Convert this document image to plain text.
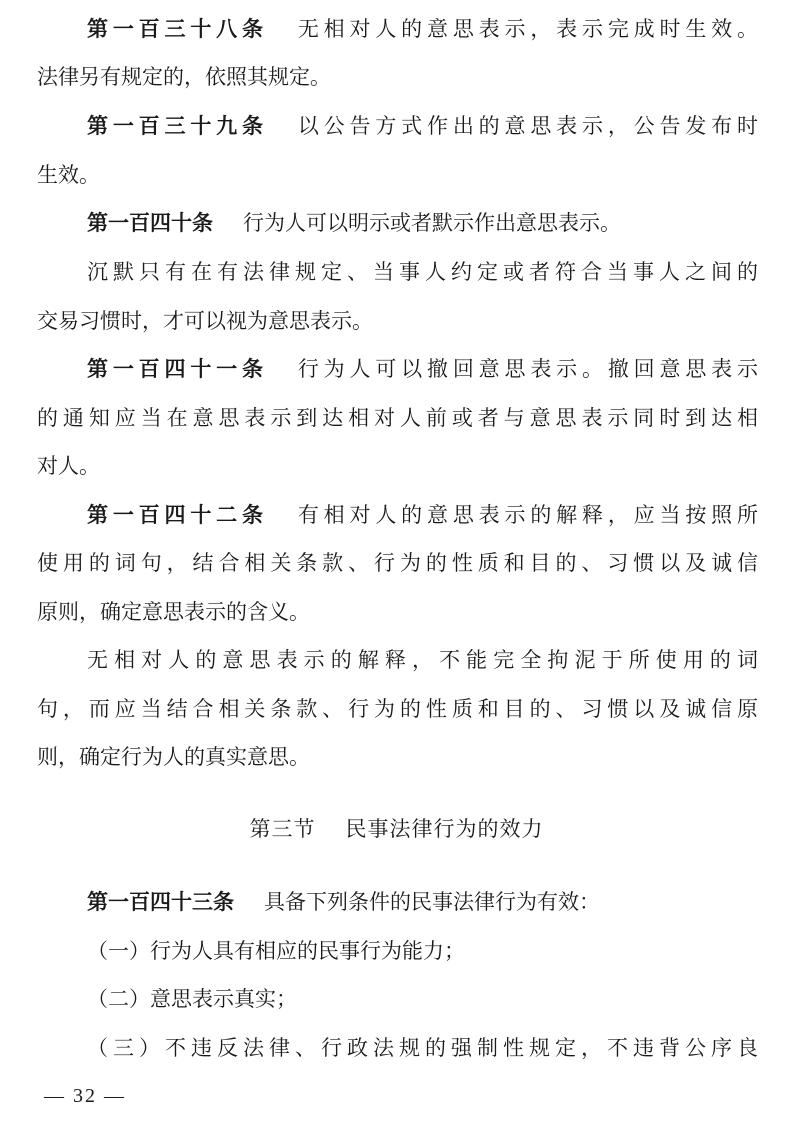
第一百三十八条 无相对人的意思表示，表示完成时生效。
法律另有规定的，依照其规定。
第一百三十九条 以公告方式作出的意思表示，公告发布时
生效。
第一百四十条 行为人可以明示或者默示作出意思表示。
沉默只有在有法律规定、当事人约定或者符合当事人之间的
交易习惯时，才可以视为意思表示。
第一百四十一条 行为人可以撤回意思表示。撤回意思表示
的通知应当在意思表示到达相对人前或者与意思表示同时到达相
对人。
第一百四十二条 有相对人的意思表示的解释，应当按照所
使用的词句，结合相关条款、行为的性质和目的、习惯以及诚信
原则，确定意思表示的含义。
无相对人的意思表示的解释，不能完全拘泥于所使用的词
句，而应当结合相关条款、行为的性质和目的、习惯以及诚信原
则，确定行为人的真实意思。
第三节 民事法律行为的效力
第一百四十三条 具备下列条件的民事法律行为有效：
（一）行为人具有相应的民事行为能力；
（二）意思表示真实；
（三）不违反法律、行政法规的强制性规定，不违背公序良
— 32 —
